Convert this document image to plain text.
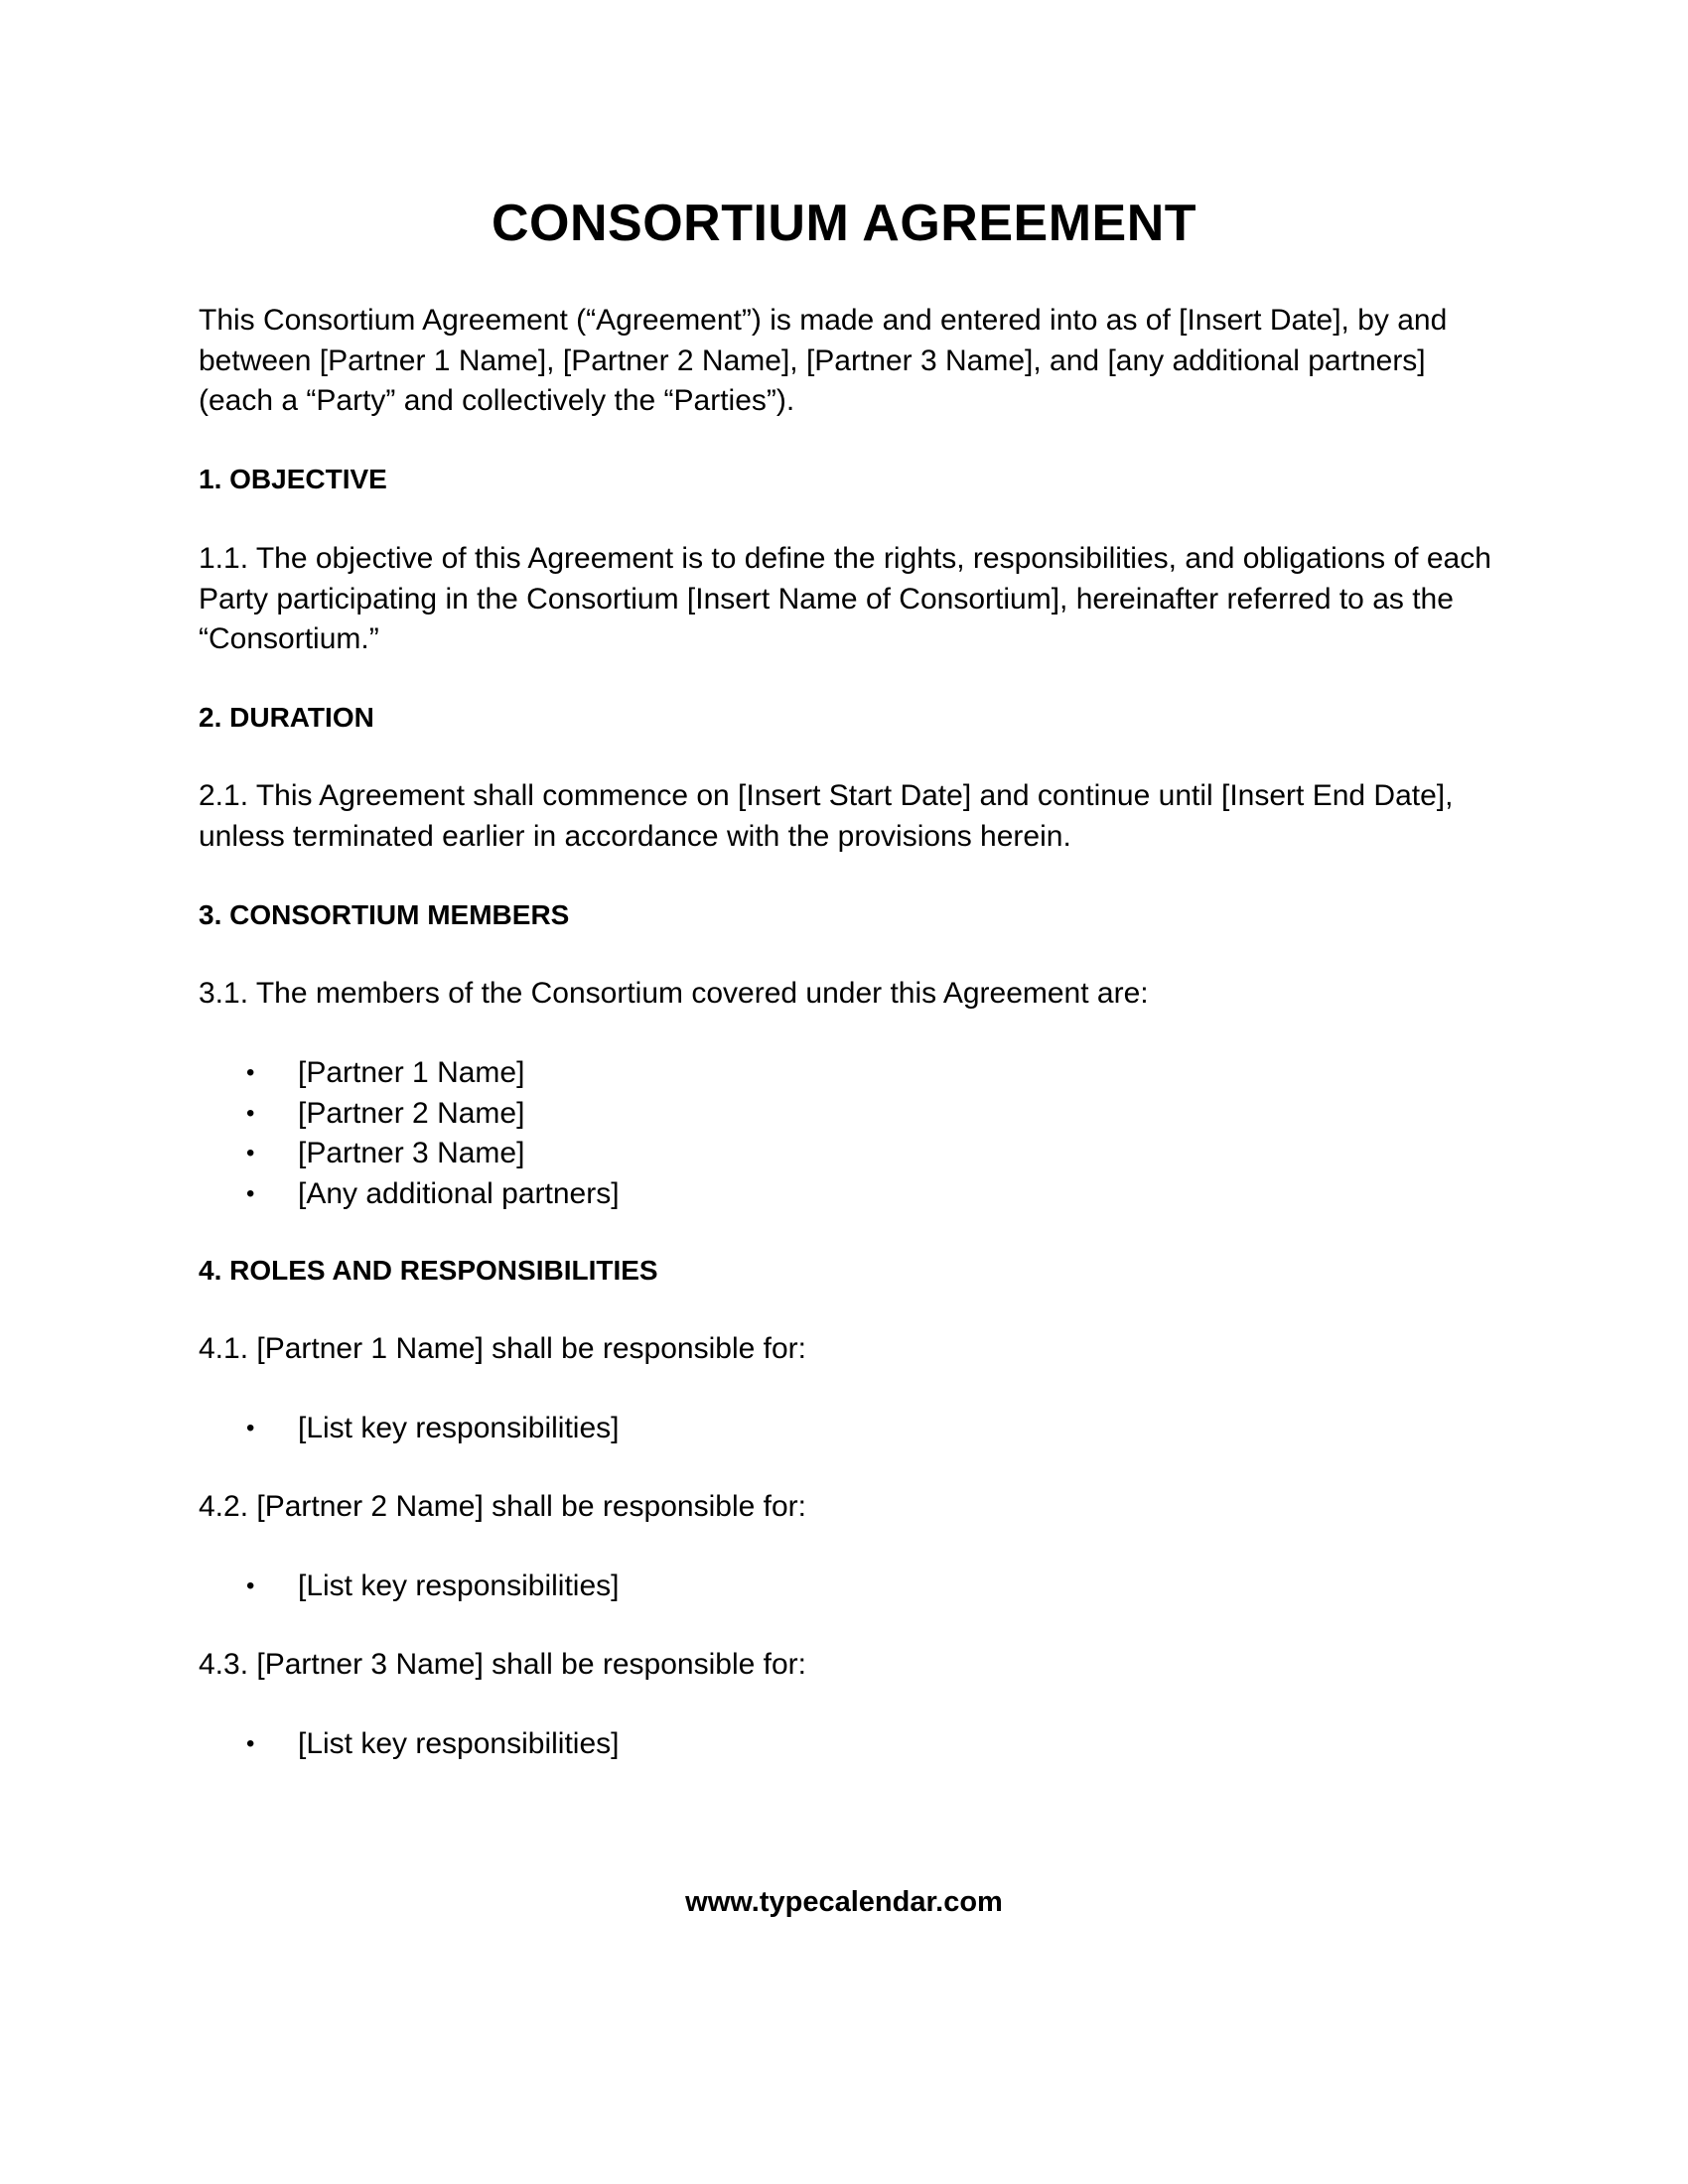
CONSORTIUM AGREEMENT
This Consortium Agreement (“Agreement”) is made and entered into as of [Insert Date], by and between [Partner 1 Name], [Partner 2 Name], [Partner 3 Name], and [any additional partners] (each a “Party” and collectively the “Parties”).
1. OBJECTIVE
1.1. The objective of this Agreement is to define the rights, responsibilities, and obligations of each Party participating in the Consortium [Insert Name of Consortium], hereinafter referred to as the “Consortium.”
2. DURATION
2.1. This Agreement shall commence on [Insert Start Date] and continue until [Insert End Date], unless terminated earlier in accordance with the provisions herein.
3. CONSORTIUM MEMBERS
3.1. The members of the Consortium covered under this Agreement are:
• [Partner 1 Name]
• [Partner 2 Name]
• [Partner 3 Name]
• [Any additional partners]
4. ROLES AND RESPONSIBILITIES
4.1. [Partner 1 Name] shall be responsible for:
• [List key responsibilities]
4.2. [Partner 2 Name] shall be responsible for:
• [List key responsibilities]
4.3. [Partner 3 Name] shall be responsible for:
• [List key responsibilities]
www.typecalendar.com
